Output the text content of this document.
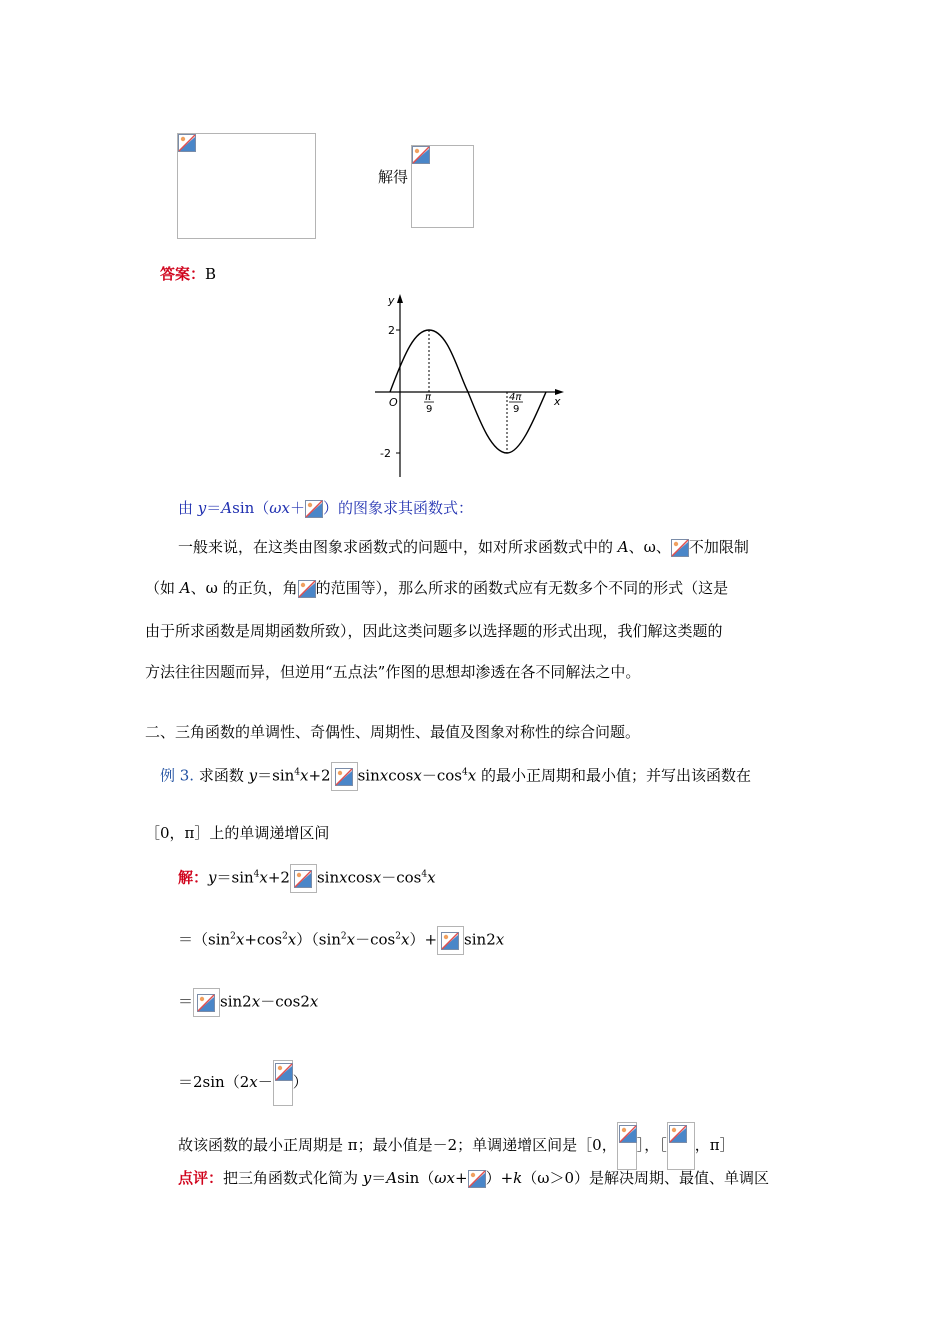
解得
答案：B
y
x
O
2
-2
π
9
4π
9
由 y＝Asin（ωx＋ ）的图象求其函数式：
一般来说，在这类由图象求函数式的问题中，如对所求函数式中的 A、ω、 不加限制
（如 A、ω 的正负，角 的范围等），那么所求的函数式应有无数多个不同的形式（这是
由于所求函数是周期函数所致），因此这类问题多以选择题的形式出现，我们解这类题的
方法往往因题而异，但逆用“五点法”作图的思想却渗透在各不同解法之中。
二、三角函数的单调性、奇偶性、周期性、最值及图象对称性的综合问题。
例 3. 求函数 $y=\sin^4x+2$ $sinxcosx-\cos^4x$ 的最小正周期和最小值；并写出该函数在
［0，π］上的单调递增区间
解：$y=\sin^4x+2$ $sinxcosx-\cos^4x$
$=(\sin^2x+\cos^2x)(\sin^2x-\cos^2x)+ \sin 2x$
＝ sin2x－cos2x
＝2sin（2x－ ）
故该函数的最小正周期是 π；最小值是－2；单调递增区间是［0， ］，［ ，π］
点评：把三角函数式化简为 y＝Asin（ωx+ ）+k（ω＞0）是解决周期、最值、单调区
